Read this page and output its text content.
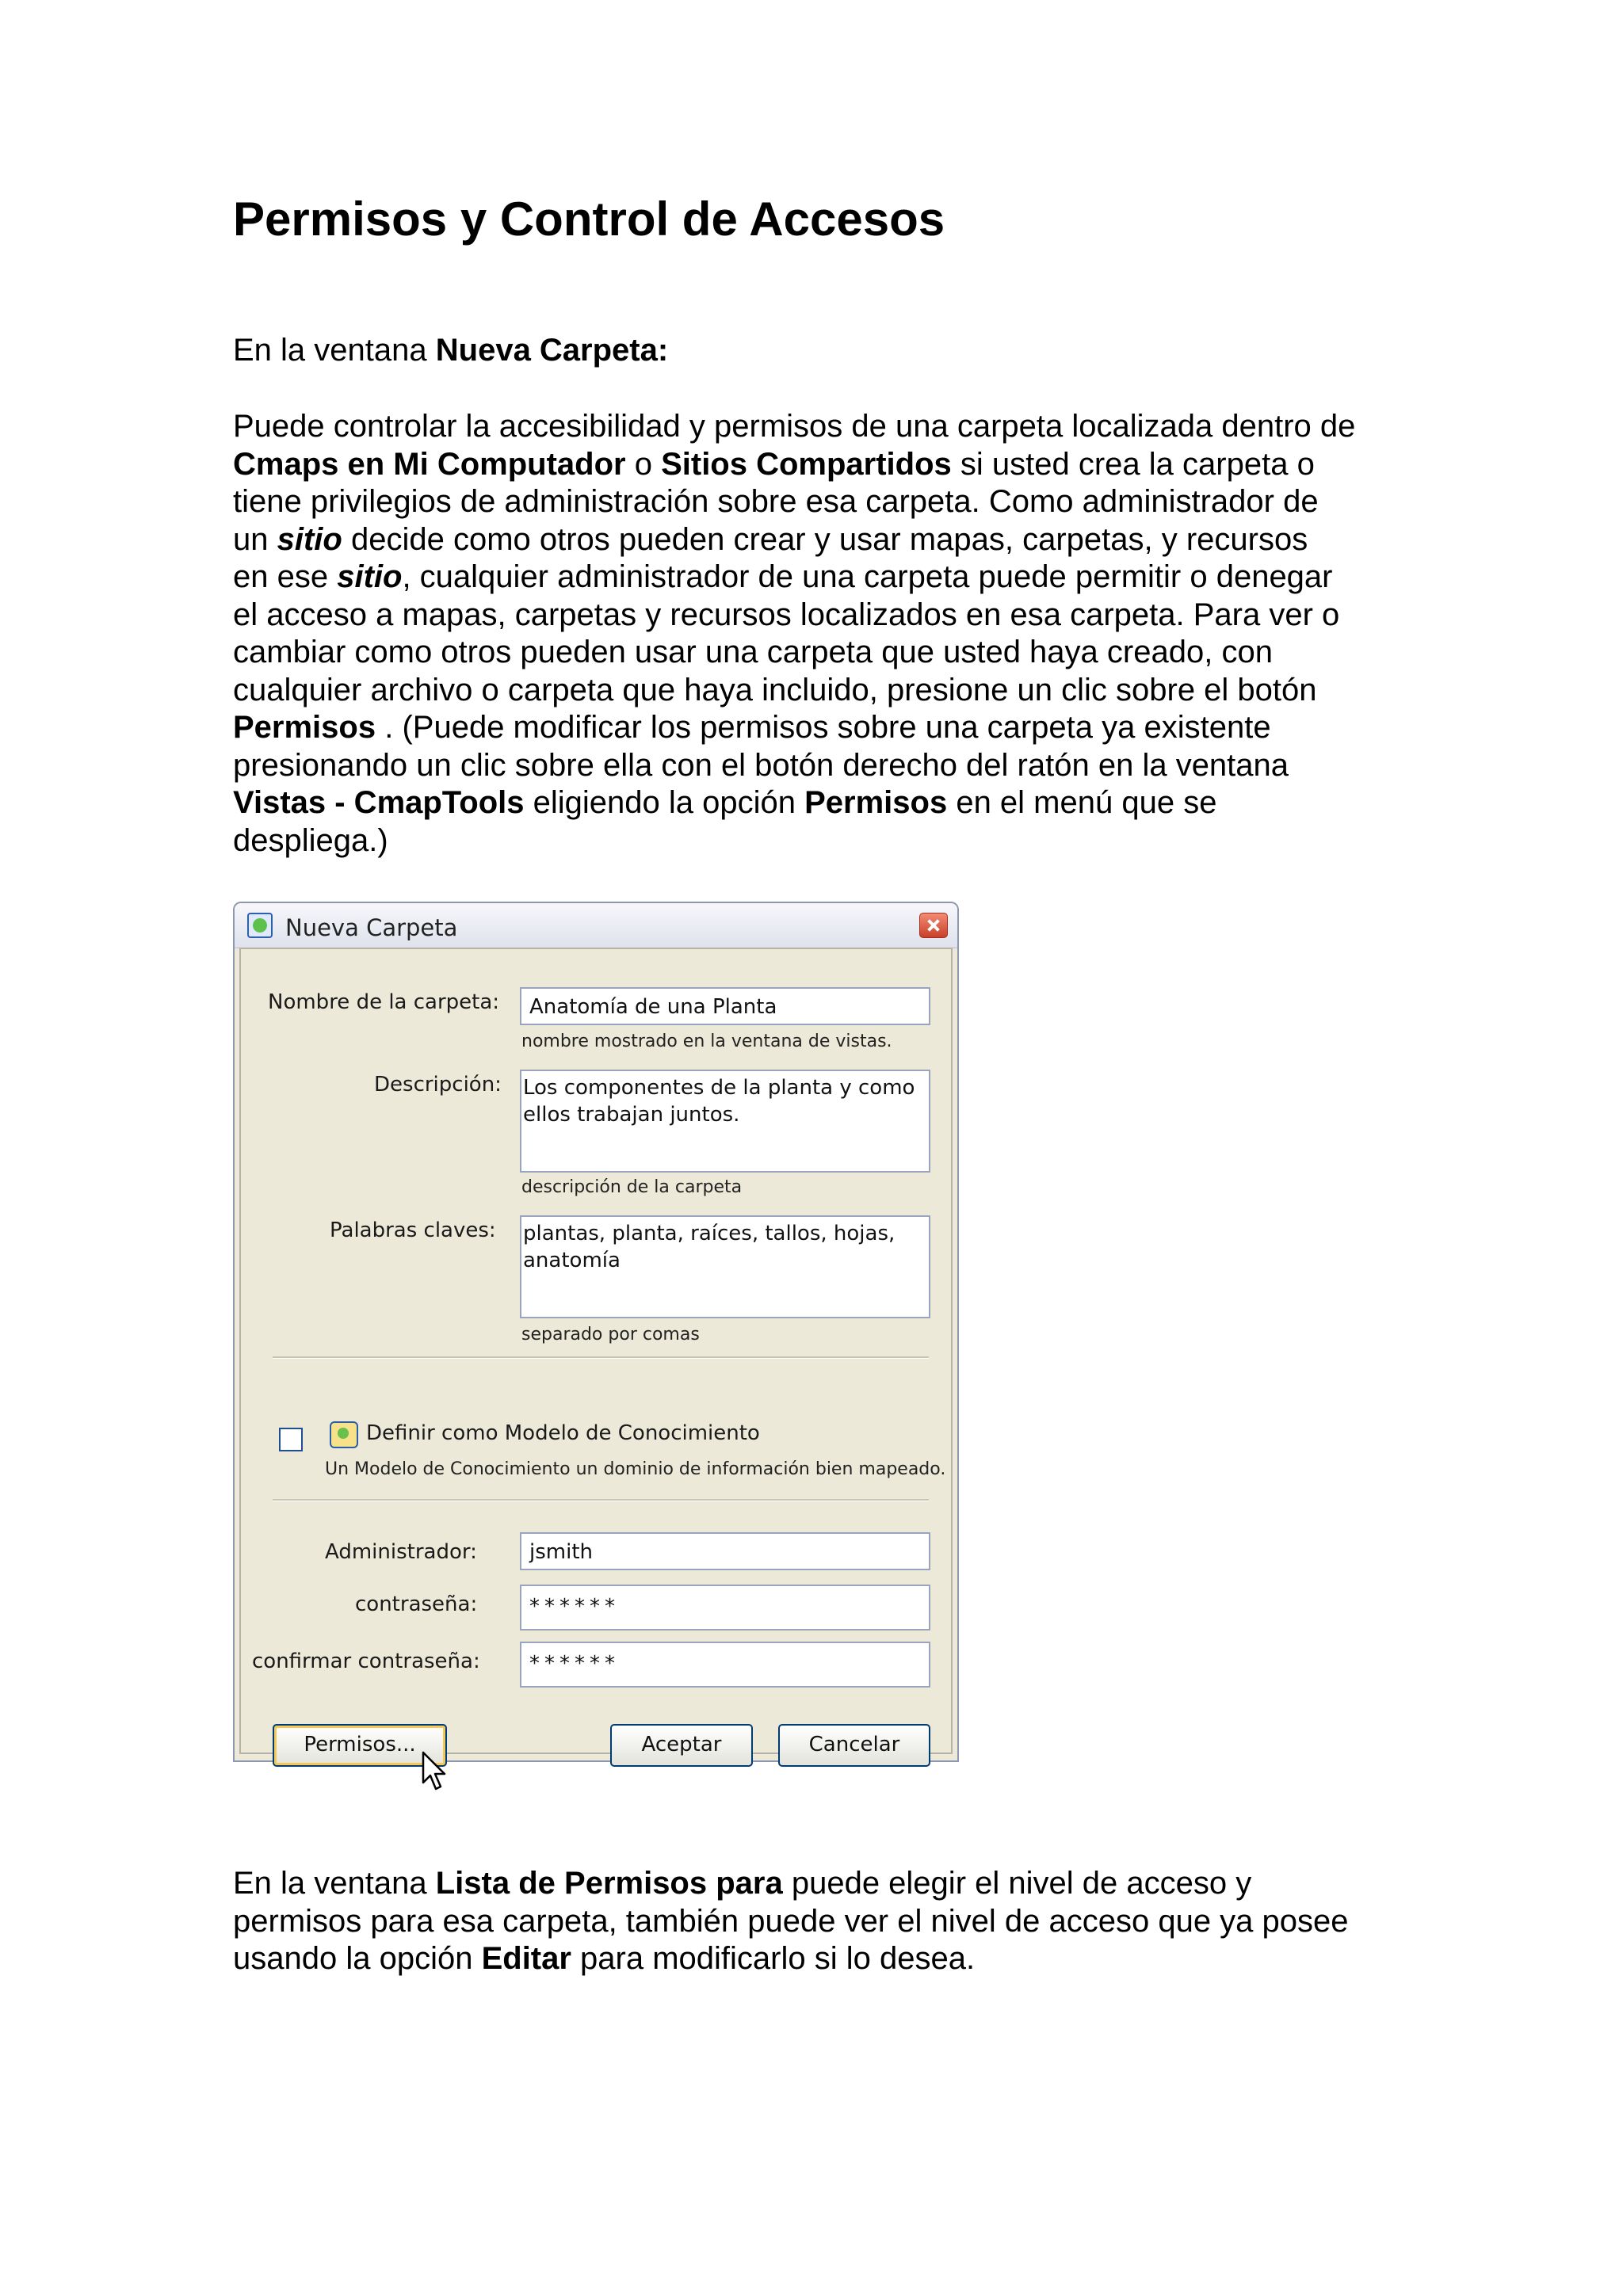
Permisos y Control de Accesos

En la ventana Nueva Carpeta:

Puede controlar la accesibilidad y permisos de una carpeta localizada dentro de
Cmaps en Mi Computador o Sitios Compartidos si usted crea la carpeta o
tiene privilegios de administración sobre esa carpeta. Como administrador de
un sitio decide como otros pueden crear y usar mapas, carpetas, y recursos
en ese sitio, cualquier administrador de una carpeta puede permitir o denegar
el acceso a mapas, carpetas y recursos localizados en esa carpeta. Para ver o
cambiar como otros pueden usar una carpeta que usted haya creado, con
cualquier archivo o carpeta que haya incluido, presione un clic sobre el botón
Permisos . (Puede modificar los permisos sobre una carpeta ya existente
presionando un clic sobre ella con el botón derecho del ratón en la ventana
Vistas - CmapTools eligiendo la opción Permisos en el menú que se
despliega.)
Nueva Carpeta
Nombre de la carpeta:	Anatomía de una Planta
nombre mostrado en la ventana de vistas.
Descripción: Los componentes de la planta y como
ellos trabajan juntos.
descripción de la carpeta
Palabras claves: plantas, planta, raíces, tallos, hojas,
anatomía
separado por comas
Definir como Modelo de Conocimiento
Un Modelo de Conocimiento un dominio de información bien mapeado.
Administrador:	jsmith
contraseña:	******
confirmar contraseña:	******
Permisos...	Aceptar	Cancelar
En la ventana Lista de Permisos para puede elegir el nivel de acceso y
permisos para esa carpeta, también puede ver el nivel de acceso que ya posee
usando la opción Editar para modificarlo si lo desea.
